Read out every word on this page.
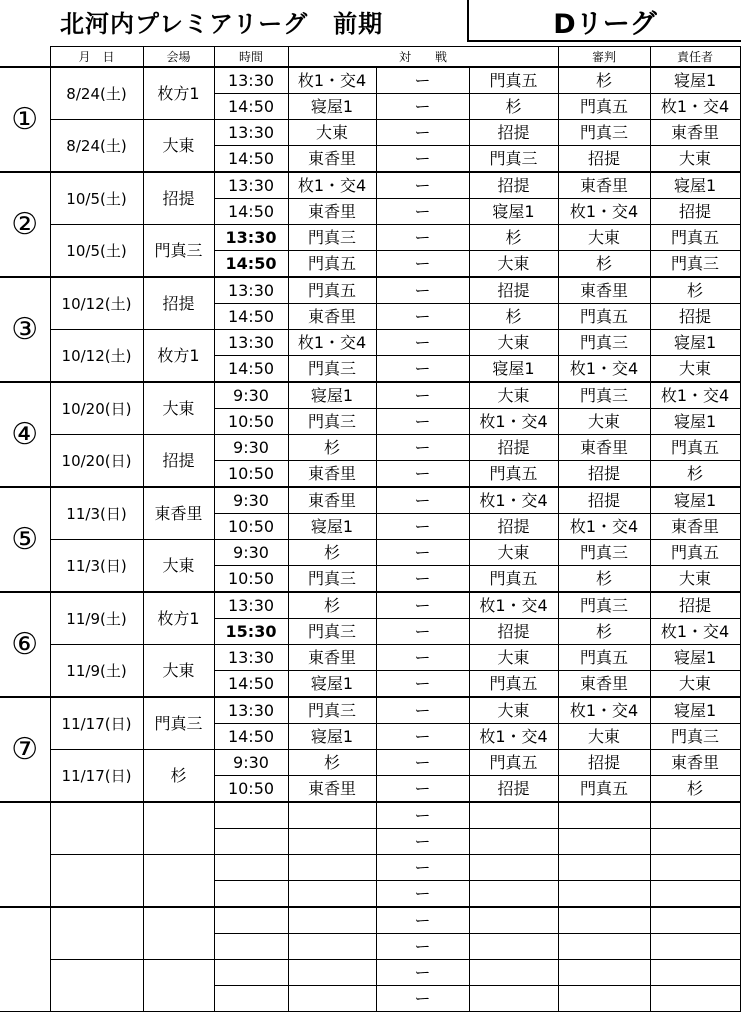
北河内プレミアリーグ　前期	Dリーグ
	月　日	会場	時間	対　　戦			審判	責任者
①	8/24(土)	枚方1	13:30	枚1・交4	ー	門真五	杉	寝屋1
			14:50	寝屋1	ー	杉	門真五	枚1・交4
	8/24(土)	大東	13:30	大東	ー	招提	門真三	東香里
			14:50	東香里	ー	門真三	招提	大東
②	10/5(土)	招提	13:30	枚1・交4	ー	招提	東香里	寝屋1
			14:50	東香里	ー	寝屋1	枚1・交4	招提
	10/5(土)	門真三	13:30	門真三	ー	杉	大東	門真五
			14:50	門真五	ー	大東	杉	門真三
③	10/12(土)	招提	13:30	門真五	ー	招提	東香里	杉
			14:50	東香里	ー	杉	門真五	招提
	10/12(土)	枚方1	13:30	枚1・交4	ー	大東	門真三	寝屋1
			14:50	門真三	ー	寝屋1	枚1・交4	大東
④	10/20(日)	大東	9:30	寝屋1	ー	大東	門真三	枚1・交4
			10:50	門真三	ー	枚1・交4	大東	寝屋1
	10/20(日)	招提	9:30	杉	ー	招提	東香里	門真五
			10:50	東香里	ー	門真五	招提	杉
⑤	11/3(日)	東香里	9:30	東香里	ー	枚1・交4	招提	寝屋1
			10:50	寝屋1	ー	招提	枚1・交4	東香里
	11/3(日)	大東	9:30	杉	ー	大東	門真三	門真五
			10:50	門真三	ー	門真五	杉	大東
⑥	11/9(土)	枚方1	13:30	杉	ー	枚1・交4	門真三	招提
			15:30	門真三	ー	招提	杉	枚1・交4
	11/9(土)	大東	13:30	東香里	ー	大東	門真五	寝屋1
			14:50	寝屋1	ー	門真五	東香里	大東
⑦	11/17(日)	門真三	13:30	門真三	ー	大東	枚1・交4	寝屋1
			14:50	寝屋1	ー	枚1・交4	大東	門真三
	11/17(日)	杉	9:30	杉	ー	門真五	招提	東香里
			10:50	東香里	ー	招提	門真五	杉
					ー			
					ー			
					ー			
					ー			
					ー			
					ー			
					ー			
					ー			
